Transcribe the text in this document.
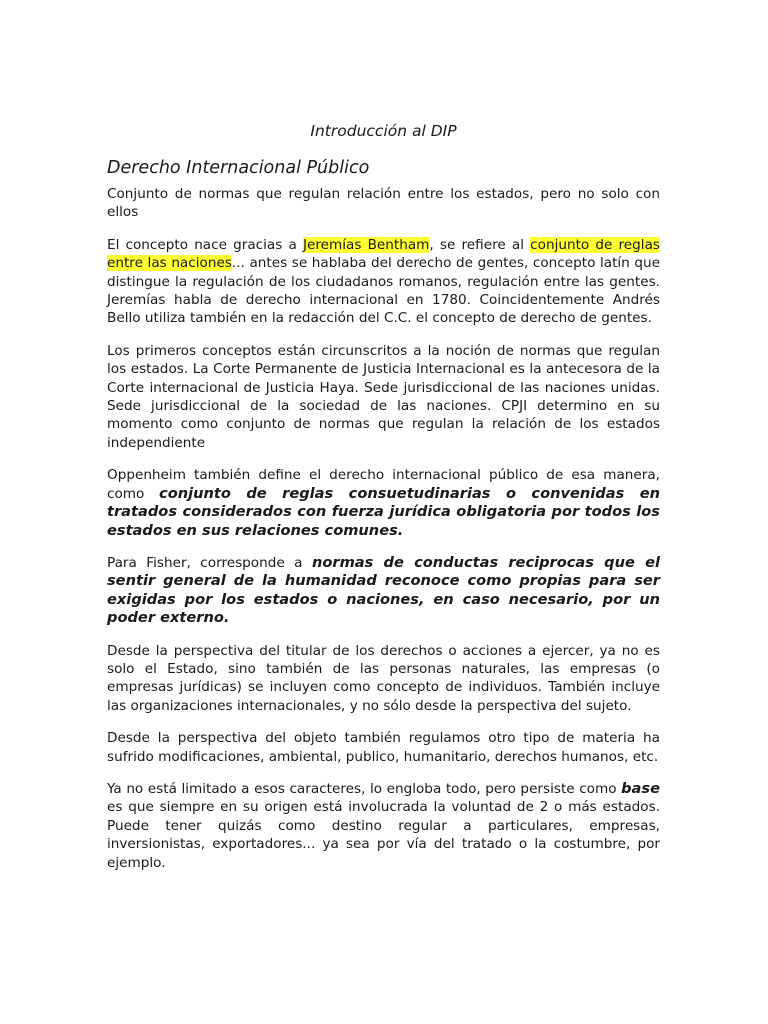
Introducción al DIP
Derecho Internacional Público

Conjunto de normas que regulan relación entre los estados, pero no solo con ellos

El concepto nace gracias a Jeremías Bentham, se refiere al conjunto de reglas entre las naciones... antes se hablaba del derecho de gentes, concepto latín que distingue la regulación de los ciudadanos romanos, regulación entre las gentes. Jeremías habla de derecho internacional en 1780. Coincidentemente Andrés Bello utiliza también en la redacción del C.C. el concepto de derecho de gentes.

Los primeros conceptos están circunscritos a la noción de normas que regulan los estados. La Corte Permanente de Justicia Internacional es la antecesora de la Corte internacional de Justicia Haya. Sede jurisdiccional de las naciones unidas. Sede jurisdiccional de la sociedad de las naciones. CPJI determino en su momento como conjunto de normas que regulan la relación de los estados independiente

Oppenheim también define el derecho internacional público de esa manera, como conjunto de reglas consuetudinarias o convenidas en tratados considerados con fuerza jurídica obligatoria por todos los estados en sus relaciones comunes.

Para Fisher, corresponde a normas de conductas reciprocas que el sentir general de la humanidad reconoce como propias para ser exigidas por los estados o naciones, en caso necesario, por un poder externo.

Desde la perspectiva del titular de los derechos o acciones a ejercer, ya no es solo el Estado, sino también de las personas naturales, las empresas (o empresas jurídicas) se incluyen como concepto de individuos. También incluye las organizaciones internacionales, y no sólo desde la perspectiva del sujeto.

Desde la perspectiva del objeto también regulamos otro tipo de materia ha sufrido modificaciones, ambiental, publico, humanitario, derechos humanos, etc.

Ya no está limitado a esos caracteres, lo engloba todo, pero persiste como base es que siempre en su origen está involucrada la voluntad de 2 o más estados. Puede tener quizás como destino regular a particulares, empresas, inversionistas, exportadores... ya sea por vía del tratado o la costumbre, por ejemplo.
